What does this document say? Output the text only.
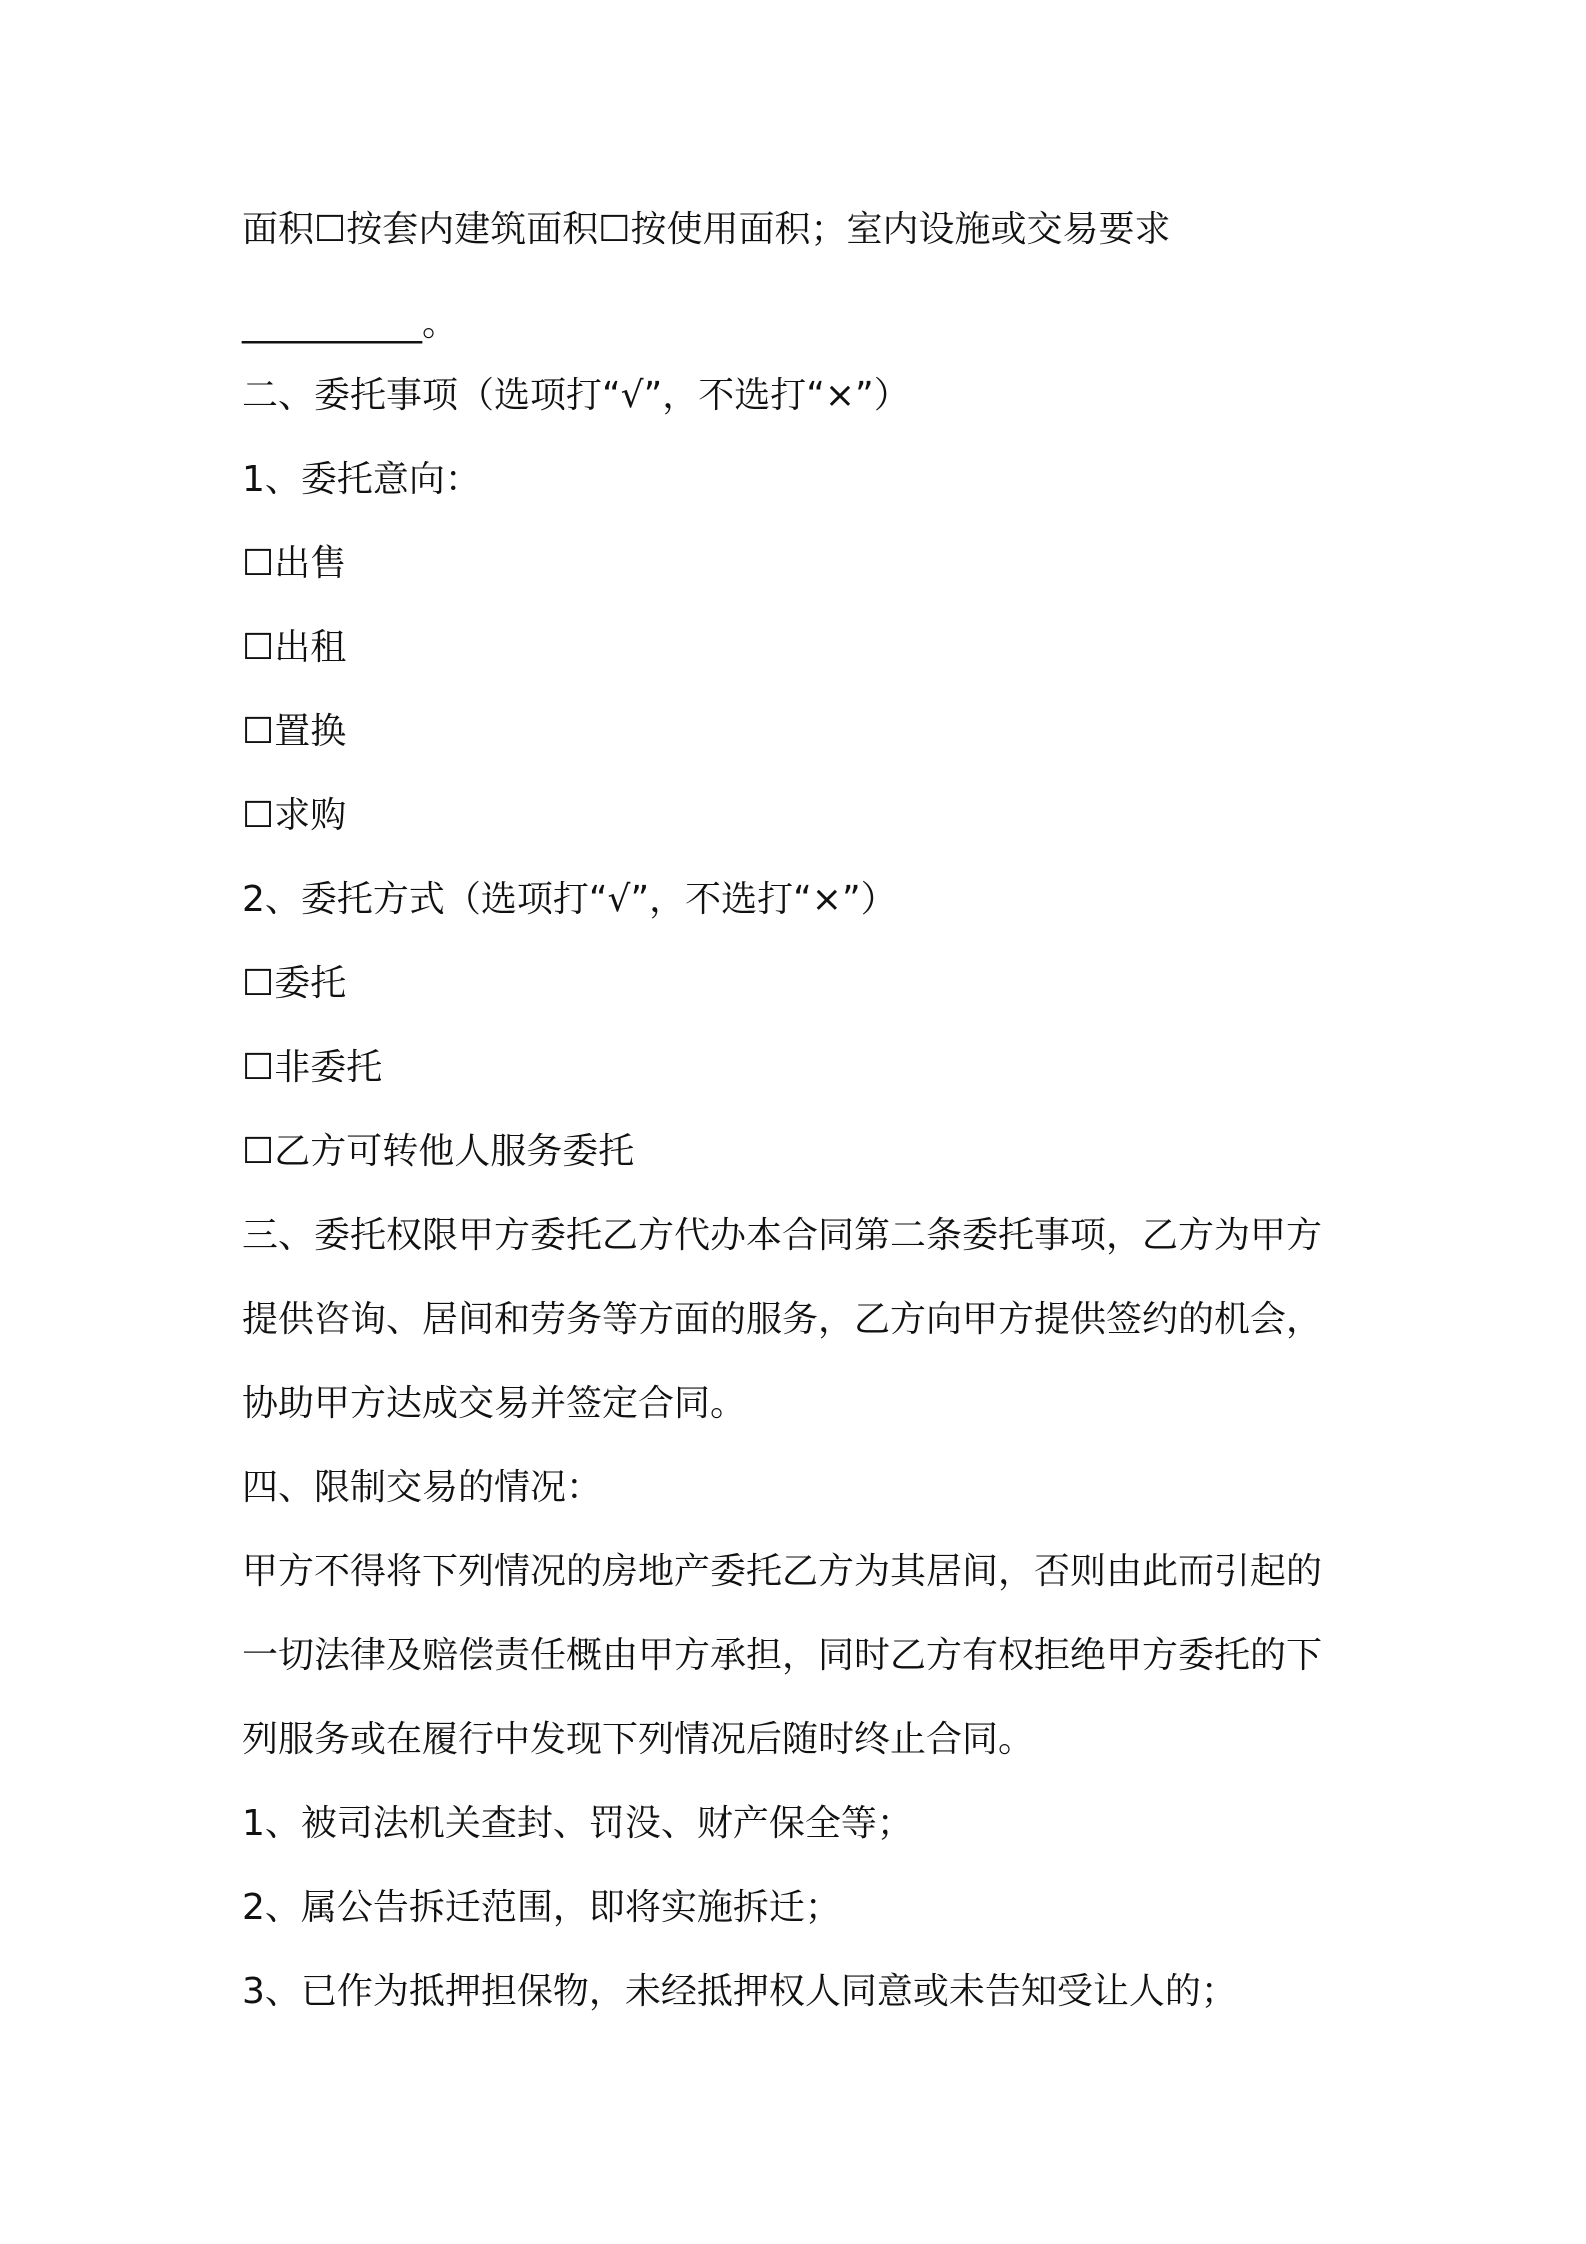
面积☐按套内建筑面积☐按使用面积；室内设施或交易要求
__________。
二、委托事项（选项打“√”，不选打“×”）
1、委托意向：
☐出售
☐出租
☐置换
☐求购
2、委托方式（选项打“√”，不选打“×”）
☐委托
☐非委托
☐乙方可转他人服务委托
三、委托权限甲方委托乙方代办本合同第二条委托事项，乙方为甲方
提供咨询、居间和劳务等方面的服务，乙方向甲方提供签约的机会，
协助甲方达成交易并签定合同。
四、限制交易的情况：
甲方不得将下列情况的房地产委托乙方为其居间，否则由此而引起的
一切法律及赔偿责任概由甲方承担，同时乙方有权拒绝甲方委托的下
列服务或在履行中发现下列情况后随时终止合同。
1、被司法机关查封、罚没、财产保全等；
2、属公告拆迁范围，即将实施拆迁；
3、已作为抵押担保物，未经抵押权人同意或未告知受让人的；
